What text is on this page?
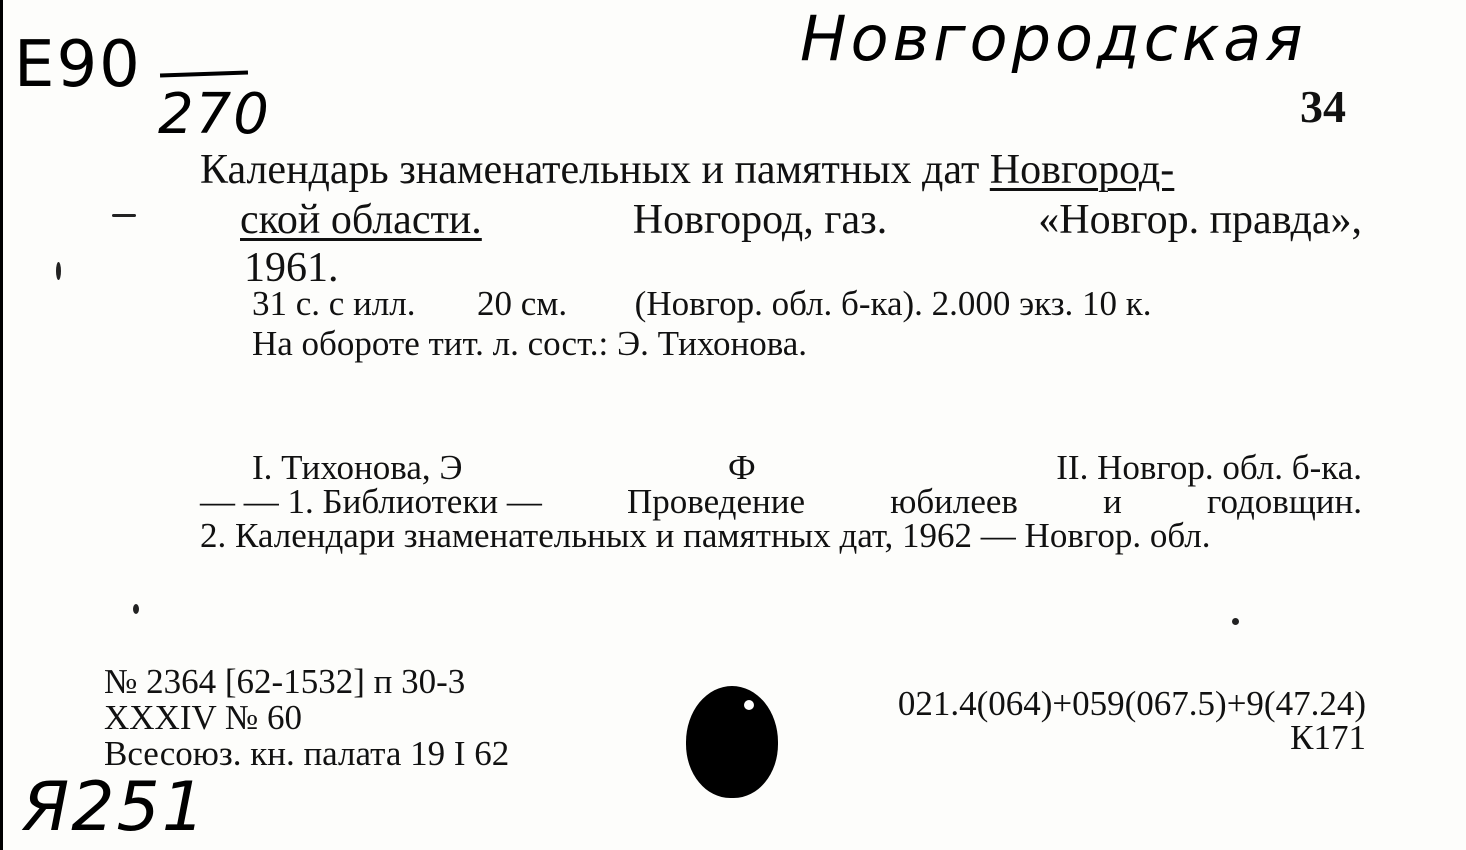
Новгородская
Е90
270
Я251
34
Календарь знаменательных и памятных дат Новгород-
ской области.	Новгород, газ.	«Новгор. правда»,
1961.
31 с. с илл. 20 см. (Новгор. обл. б-ка). 2.000 экз. 10 к.
На обороте тит. л. сост.: Э. Тихонова.
I. Тихонова, Э	Ф	II. Новгор. обл. б-ка.
— — 1. Библиотеки — Проведение юбилеев и годовщин.
2. Календари знаменательных и памятных дат, 1962 — Новгор. обл.
№ 2364 [62-1532] п 30-3
XXXIV № 60
Всесоюз. кн. палата 19 I 62
021.4(064)+059(067.5)+9(47.24)
К171
